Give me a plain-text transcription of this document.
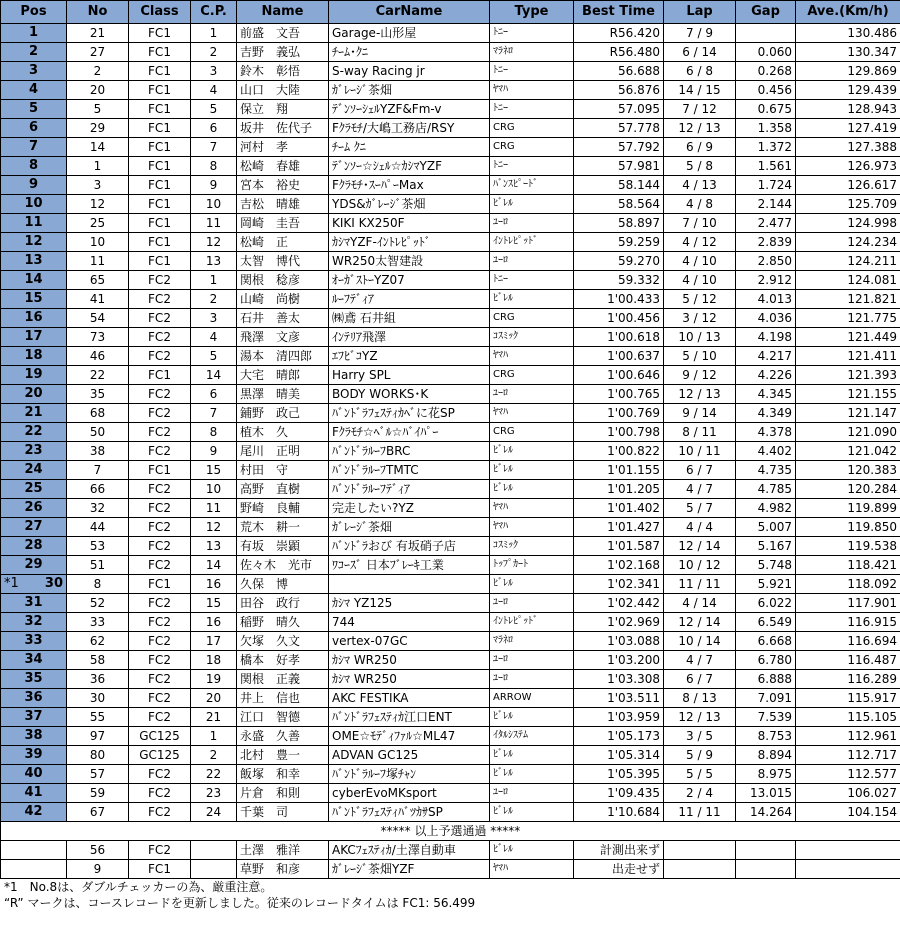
Pos	No	Class	C.P.	Name	CarName	Type	Best Time	Lap	Gap	Ave.(Km/h)
1	21	FC1	1	前盛　文吾	Garage-山形屋	ﾄﾆｰ	R56.420	7 / 9		130.486
2	27	FC1	2	吉野　義弘	ﾁｰﾑ･ｸﾆ	ﾏﾗﾈﾛ	R56.480	6 / 14	0.060	130.347
3	2	FC1	3	鈴木　彰悟	S-way Racing jr	ﾄﾆｰ	56.688	6 / 8	0.268	129.869
4	20	FC1	4	山口　大陸	ｶﾞﾚｰｼﾞ茶畑	ﾔﾏﾊ	56.876	14 / 15	0.456	129.439
5	5	FC1	5	保立　翔	ﾃﾞﾝｿｰｼｪﾙYZF&Fm-v	ﾄﾆｰ	57.095	7 / 12	0.675	128.943
6	29	FC1	6	坂井　佐代子	Fｸﾗﾓﾁ/大嶋工務店/RSY	CRG	57.778	12 / 13	1.358	127.419
7	14	FC1	7	河村　孝	ﾁｰﾑ ｸﾆ	CRG	57.792	6 / 9	1.372	127.388
8	1	FC1	8	松崎　春雄	ﾃﾞﾝｿｰ☆ｼｪﾙ☆ｶｼﾏYZF	ﾄﾆｰ	57.981	5 / 8	1.561	126.973
9	3	FC1	9	宮本　裕史	Fｸﾗﾓﾁ･ｽｰﾊﾟｰMax	ﾊﾞﾝｽﾋﾟｰﾄﾞ	58.144	4 / 13	1.724	126.617
10	12	FC1	10	吉松　晴雄	YDS&ｶﾞﾚｰｼﾞ茶畑	ﾋﾞﾚﾙ	58.564	4 / 8	2.144	125.709
11	25	FC1	11	岡崎　圭吾	KIKI KX250F	ﾕｰﾛ	58.897	7 / 10	2.477	124.998
12	10	FC1	12	松崎　正	ｶｼﾏYZF-ｲﾝﾄﾚﾋﾟｯﾄﾞ	ｲﾝﾄﾚﾋﾟｯﾄﾞ	59.259	4 / 12	2.839	124.234
13	11	FC1	13	太智　博代	WR250太智建設	ﾕｰﾛ	59.270	4 / 10	2.850	124.211
14	65	FC2	1	関根　稔彦	ｵｰｶﾞｽﾄｰYZ07	ﾄﾆｰ	59.332	4 / 10	2.912	124.081
15	41	FC2	2	山崎　尚樹	ﾙｰﾌﾃﾞｨｱ	ﾋﾞﾚﾙ	1'00.433	5 / 12	4.013	121.821
16	54	FC2	3	石井　善太	㈱鳶 石井組	CRG	1'00.456	3 / 12	4.036	121.775
17	73	FC2	4	飛澤　文彦	ｲﾝﾃﾘｱ飛澤	ｺｽﾐｯｸ	1'00.618	10 / 13	4.198	121.449
18	46	FC2	5	湯本　清四郎	ｴﾌﾋﾞｺYZ	ﾔﾏﾊ	1'00.637	5 / 10	4.217	121.411
19	22	FC1	14	大宅　晴郎	Harry SPL	CRG	1'00.646	9 / 12	4.226	121.393
20	35	FC2	6	黒澤　晴美	BODY WORKS･K	ﾕｰﾛ	1'00.765	12 / 13	4.345	121.155
21	68	FC2	7	鋪野　政己	ﾊﾞﾝﾄﾞﾗﾌｪｽﾃｨｶﾍﾞに花SP	ﾔﾏﾊ	1'00.769	9 / 14	4.349	121.147
22	50	FC2	8	植木　久	Fｸﾗﾓﾁ☆ﾍﾞﾙ☆ﾊﾞｲﾊﾟｰ	CRG	1'00.798	8 / 11	4.378	121.090
23	38	FC2	9	尾川　正明	ﾊﾞﾝﾄﾞﾗﾙｰﾌBRC	ﾋﾞﾚﾙ	1'00.822	10 / 11	4.402	121.042
24	7	FC1	15	村田　守	ﾊﾞﾝﾄﾞﾗﾙｰﾌTMTC	ﾋﾞﾚﾙ	1'01.155	6 / 7	4.735	120.383
25	66	FC2	10	高野　直樹	ﾊﾞﾝﾄﾞﾗﾙｰﾌﾃﾞｨｱ	ﾋﾞﾚﾙ	1'01.205	4 / 7	4.785	120.284
26	32	FC2	11	野崎　良輔	完走したい?YZ	ﾔﾏﾊ	1'01.402	5 / 7	4.982	119.899
27	44	FC2	12	荒木　耕一	ｶﾞﾚｰｼﾞ茶畑	ﾔﾏﾊ	1'01.427	4 / 4	5.007	119.850
28	53	FC2	13	有坂　崇顕	ﾊﾞﾝﾄﾞﾗおび 有坂硝子店	ｺｽﾐｯｸ	1'01.587	12 / 14	5.167	119.538
29	51	FC2	14	佐々木　光市	ﾜｺｰｽﾞ 日本ﾌﾞﾚｰｷ工業	ﾄｯﾌﾟｶｰﾄ	1'02.168	10 / 12	5.748	118.421

*1 30	8	FC1	16	久保　博		ﾋﾞﾚﾙ	1'02.341	11 / 11	5.921	118.092
31	52	FC2	15	田谷　政行	ｶｼﾏ YZ125	ﾕｰﾛ	1'02.442	4 / 14	6.022	117.901
32	33	FC2	16	稲野　晴久	744	ｲﾝﾄﾚﾋﾟｯﾄﾞ	1'02.969	12 / 14	6.549	116.915
33	62	FC2	17	欠塚　久文	vertex-07GC	ﾏﾗﾈﾛ	1'03.088	10 / 14	6.668	116.694
34	58	FC2	18	橋本　好孝	ｶｼﾏ WR250	ﾕｰﾛ	1'03.200	4 / 7	6.780	116.487
35	36	FC2	19	関根　正義	ｶｼﾏ WR250	ﾕｰﾛ	1'03.308	6 / 7	6.888	116.289
36	30	FC2	20	井上　信也	AKC FESTIKA	ARROW	1'03.511	8 / 13	7.091	115.917
37	55	FC2	21	江口　智德	ﾊﾞﾝﾄﾞﾗﾌｪｽﾃｨｶ江口ENT	ﾋﾞﾚﾙ	1'03.959	12 / 13	7.539	115.105
38	97	GC125	1	永盛　久善	OME☆ﾓﾃﾞｨﾌｧﾙ☆ML47	ｲﾀﾙｼｽﾃﾑ	1'05.173	3 / 5	8.753	112.961
39	80	GC125	2	北村　豊一	ADVAN GC125	ﾋﾞﾚﾙ	1'05.314	5 / 9	8.894	112.717
40	57	FC2	22	飯塚　和幸	ﾊﾞﾝﾄﾞﾗﾙｰﾌ塚ﾁｬﾝ	ﾋﾞﾚﾙ	1'05.395	5 / 5	8.975	112.577
41	59	FC2	23	片倉　和則	cyberEvoMKsport	ﾕｰﾛ	1'09.435	2 / 4	13.015	106.027
42	67	FC2	24	千葉　司	ﾊﾞﾝﾄﾞﾗﾌｪｽﾃｨﾊﾞﾂｶｻSP	ﾋﾞﾚﾙ	1'10.684	11 / 11	14.264	104.154
***** 以上予選通過 *****										
	56	FC2		土澤　雅洋	AKCﾌｪｽﾃｨｶ/土澤自動車	ﾋﾞﾚﾙ	計測出来ず			
	9	FC1		草野　和彦	ｶﾞﾚｰｼﾞ茶畑YZF	ﾔﾏﾊ	出走せず			
*1　No.8は、ダブルチェッカーの為、厳重注意。
“R” マークは、コースレコードを更新しました。従来のレコードタイムは FC1: 56.499
